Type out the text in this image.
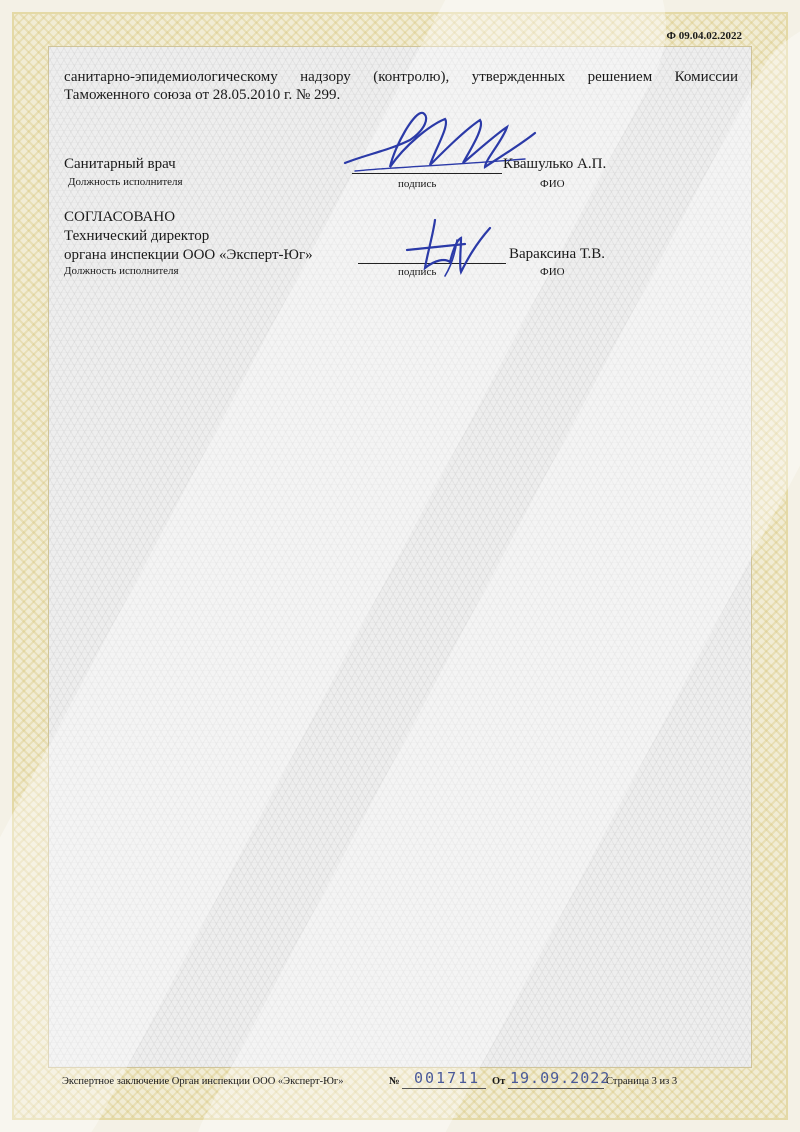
Ф 09.04.02.2022
санитарно-эпидемиологическому надзору (контролю), утвержденных решением Комиссии
Таможенного союза от 28.05.2010 г. № 299.
Санитарный врач
Должность исполнителя
Квашулько А.П.
подпись	ФИО
СОГЛАСОВАНО
Технический директор
органа инспекции ООО «Эксперт-Юг»
Должность исполнителя
Вараксина Т.В.
подпись	ФИО
Экспертное заключение Орган инспекции ООО «Эксперт-Юг»	№ 001711 От 19.09.2022
Страница 3 из 3
